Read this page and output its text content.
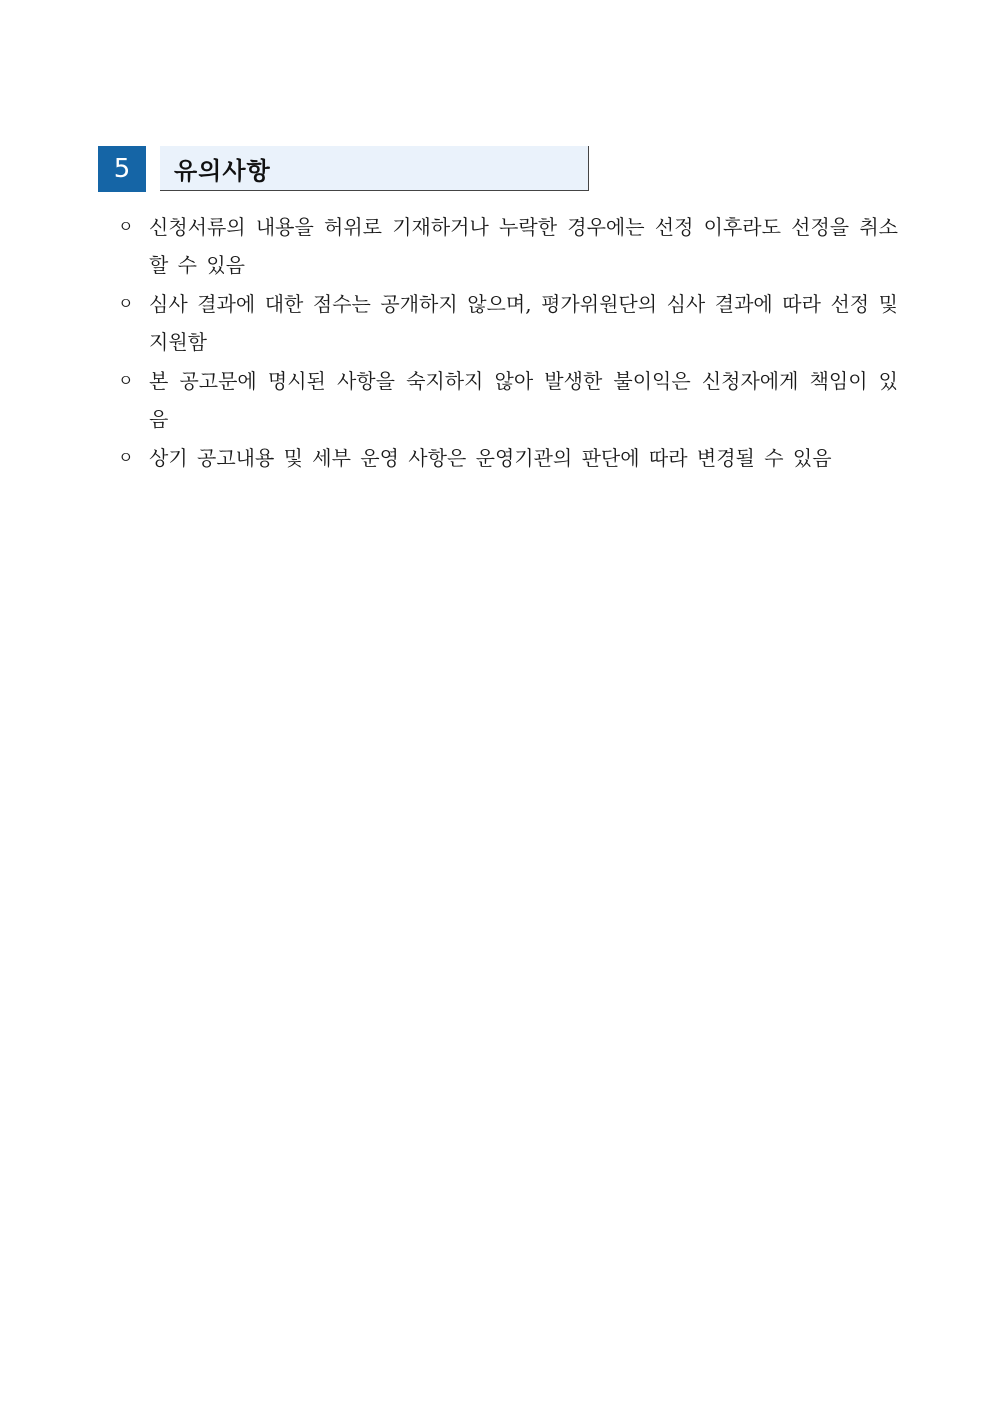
5	유의사항
ㅇ 신청서류의 내용을 허위로 기재하거나 누락한 경우에는 선정 이후라도 선정을 취소할 수 있음
ㅇ 심사 결과에 대한 점수는 공개하지 않으며, 평가위원단의 심사 결과에 따라 선정 및 지원함
ㅇ 본 공고문에 명시된 사항을 숙지하지 않아 발생한 불이익은 신청자에게 책임이 있음
ㅇ 상기 공고내용 및 세부 운영 사항은 운영기관의 판단에 따라 변경될 수 있음
